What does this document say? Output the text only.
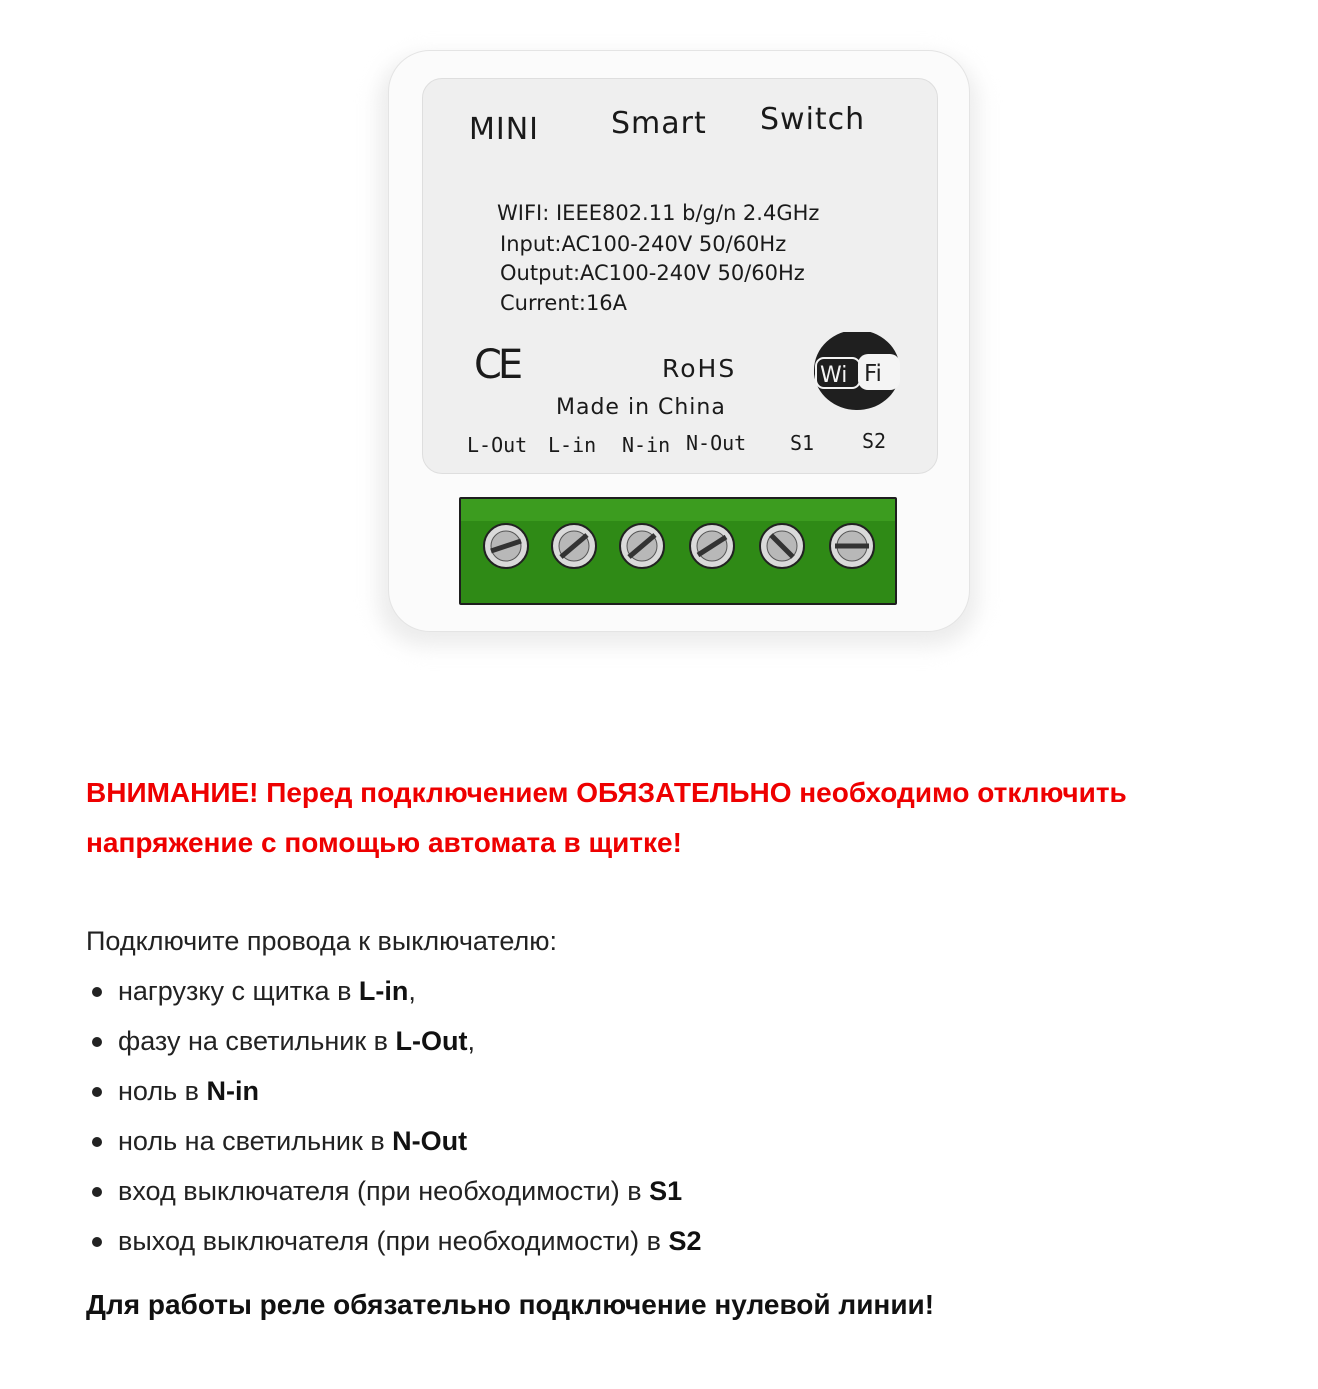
MINI Smart Switch
WIFI: IEEE802.11 b/g/n 2.4GHz
Input:AC100-240V 50/60Hz
Output:AC100-240V 50/60Hz
Current:16A
CE	RoHS	Wi Fi
Made in China
L-Out L-in N-in N-Out S1 S2
ВНИМАНИЕ! Перед подключением ОБЯЗАТЕЛЬНО необходимо отключить напряжение с помощью автомата в щитке!
Подключите провода к выключателю:
нагрузку с щитка в L-in,
фазу на светильник в L-Out,
ноль в N-in
ноль на светильник в N-Out
вход выключателя (при необходимости) в S1
выход выключателя (при необходимости) в S2
Для работы реле обязательно подключение нулевой линии!
